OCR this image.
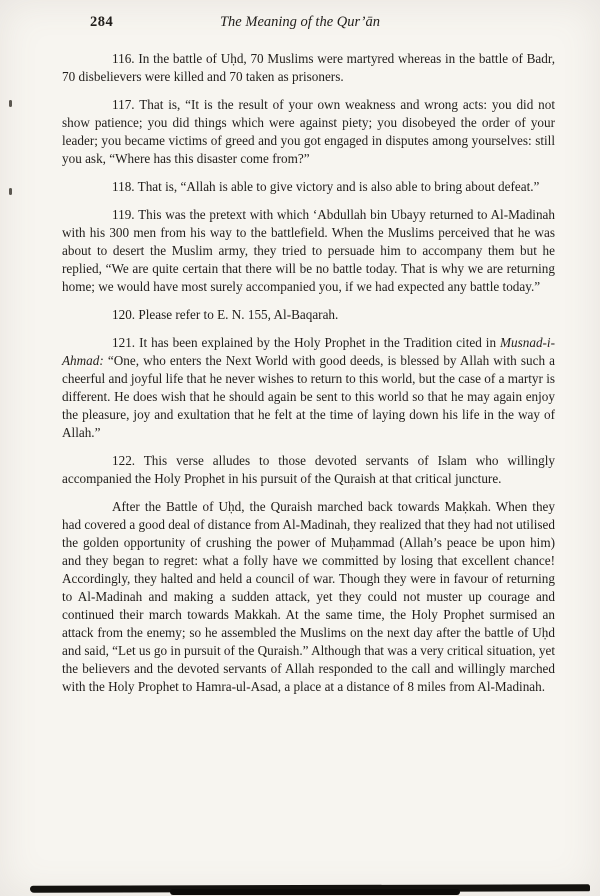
284	The Meaning of the Qur’ān

116. In the battle of Uḥd, 70 Muslims were martyred whereas in the battle of Badr, 70 disbelievers were killed and 70 taken as prisoners.

117. That is, “It is the result of your own weakness and wrong acts: you did not show patience; you did things which were against piety; you disobeyed the order of your leader; you became victims of greed and you got engaged in disputes among yourselves: still you ask, “Where has this disaster come from?”

118. That is, “Allah is able to give victory and is also able to bring about defeat.”

119. This was the pretext with which ‘Abdullah bin Ubayy returned to Al-Madinah with his 300 men from his way to the battlefield. When the Muslims perceived that he was about to desert the Muslim army, they tried to persuade him to accompany them but he replied, “We are quite certain that there will be no battle today. That is why we are returning home; we would have most surely accompanied you, if we had expected any battle today.”

120. Please refer to E. N. 155, Al-Baqarah.

121. It has been explained by the Holy Prophet in the Tradition cited in Musnad-i-Ahmad: “One, who enters the Next World with good deeds, is blessed by Allah with such a cheerful and joyful life that he never wishes to return to this world, but the case of a martyr is different. He does wish that he should again be sent to this world so that he may again enjoy the pleasure, joy and exultation that he felt at the time of laying down his life in the way of Allah.”

122. This verse alludes to those devoted servants of Islam who willingly accompanied the Holy Prophet in his pursuit of the Quraish at that critical juncture.

After the Battle of Uḥd, the Quraish marched back towards Maḳkah. When they had covered a good deal of distance from Al-Madinah, they realized that they had not utilised the golden opportunity of crushing the power of Muḥammad (Allah’s peace be upon him) and they began to regret: what a folly have we committed by losing that excellent chance! Accordingly, they halted and held a council of war. Though they were in favour of returning to Al-Madinah and making a sudden attack, yet they could not muster up courage and continued their march towards Makkah. At the same time, the Holy Prophet surmised an attack from the enemy; so he assembled the Muslims on the next day after the battle of Uḥd and said, “Let us go in pursuit of the Quraish.” Although that was a very critical situation, yet the believers and the devoted servants of Allah responded to the call and willingly marched with the Holy Prophet to Hamra-ul-Asad, a place at a distance of 8 miles from Al-Madinah.
